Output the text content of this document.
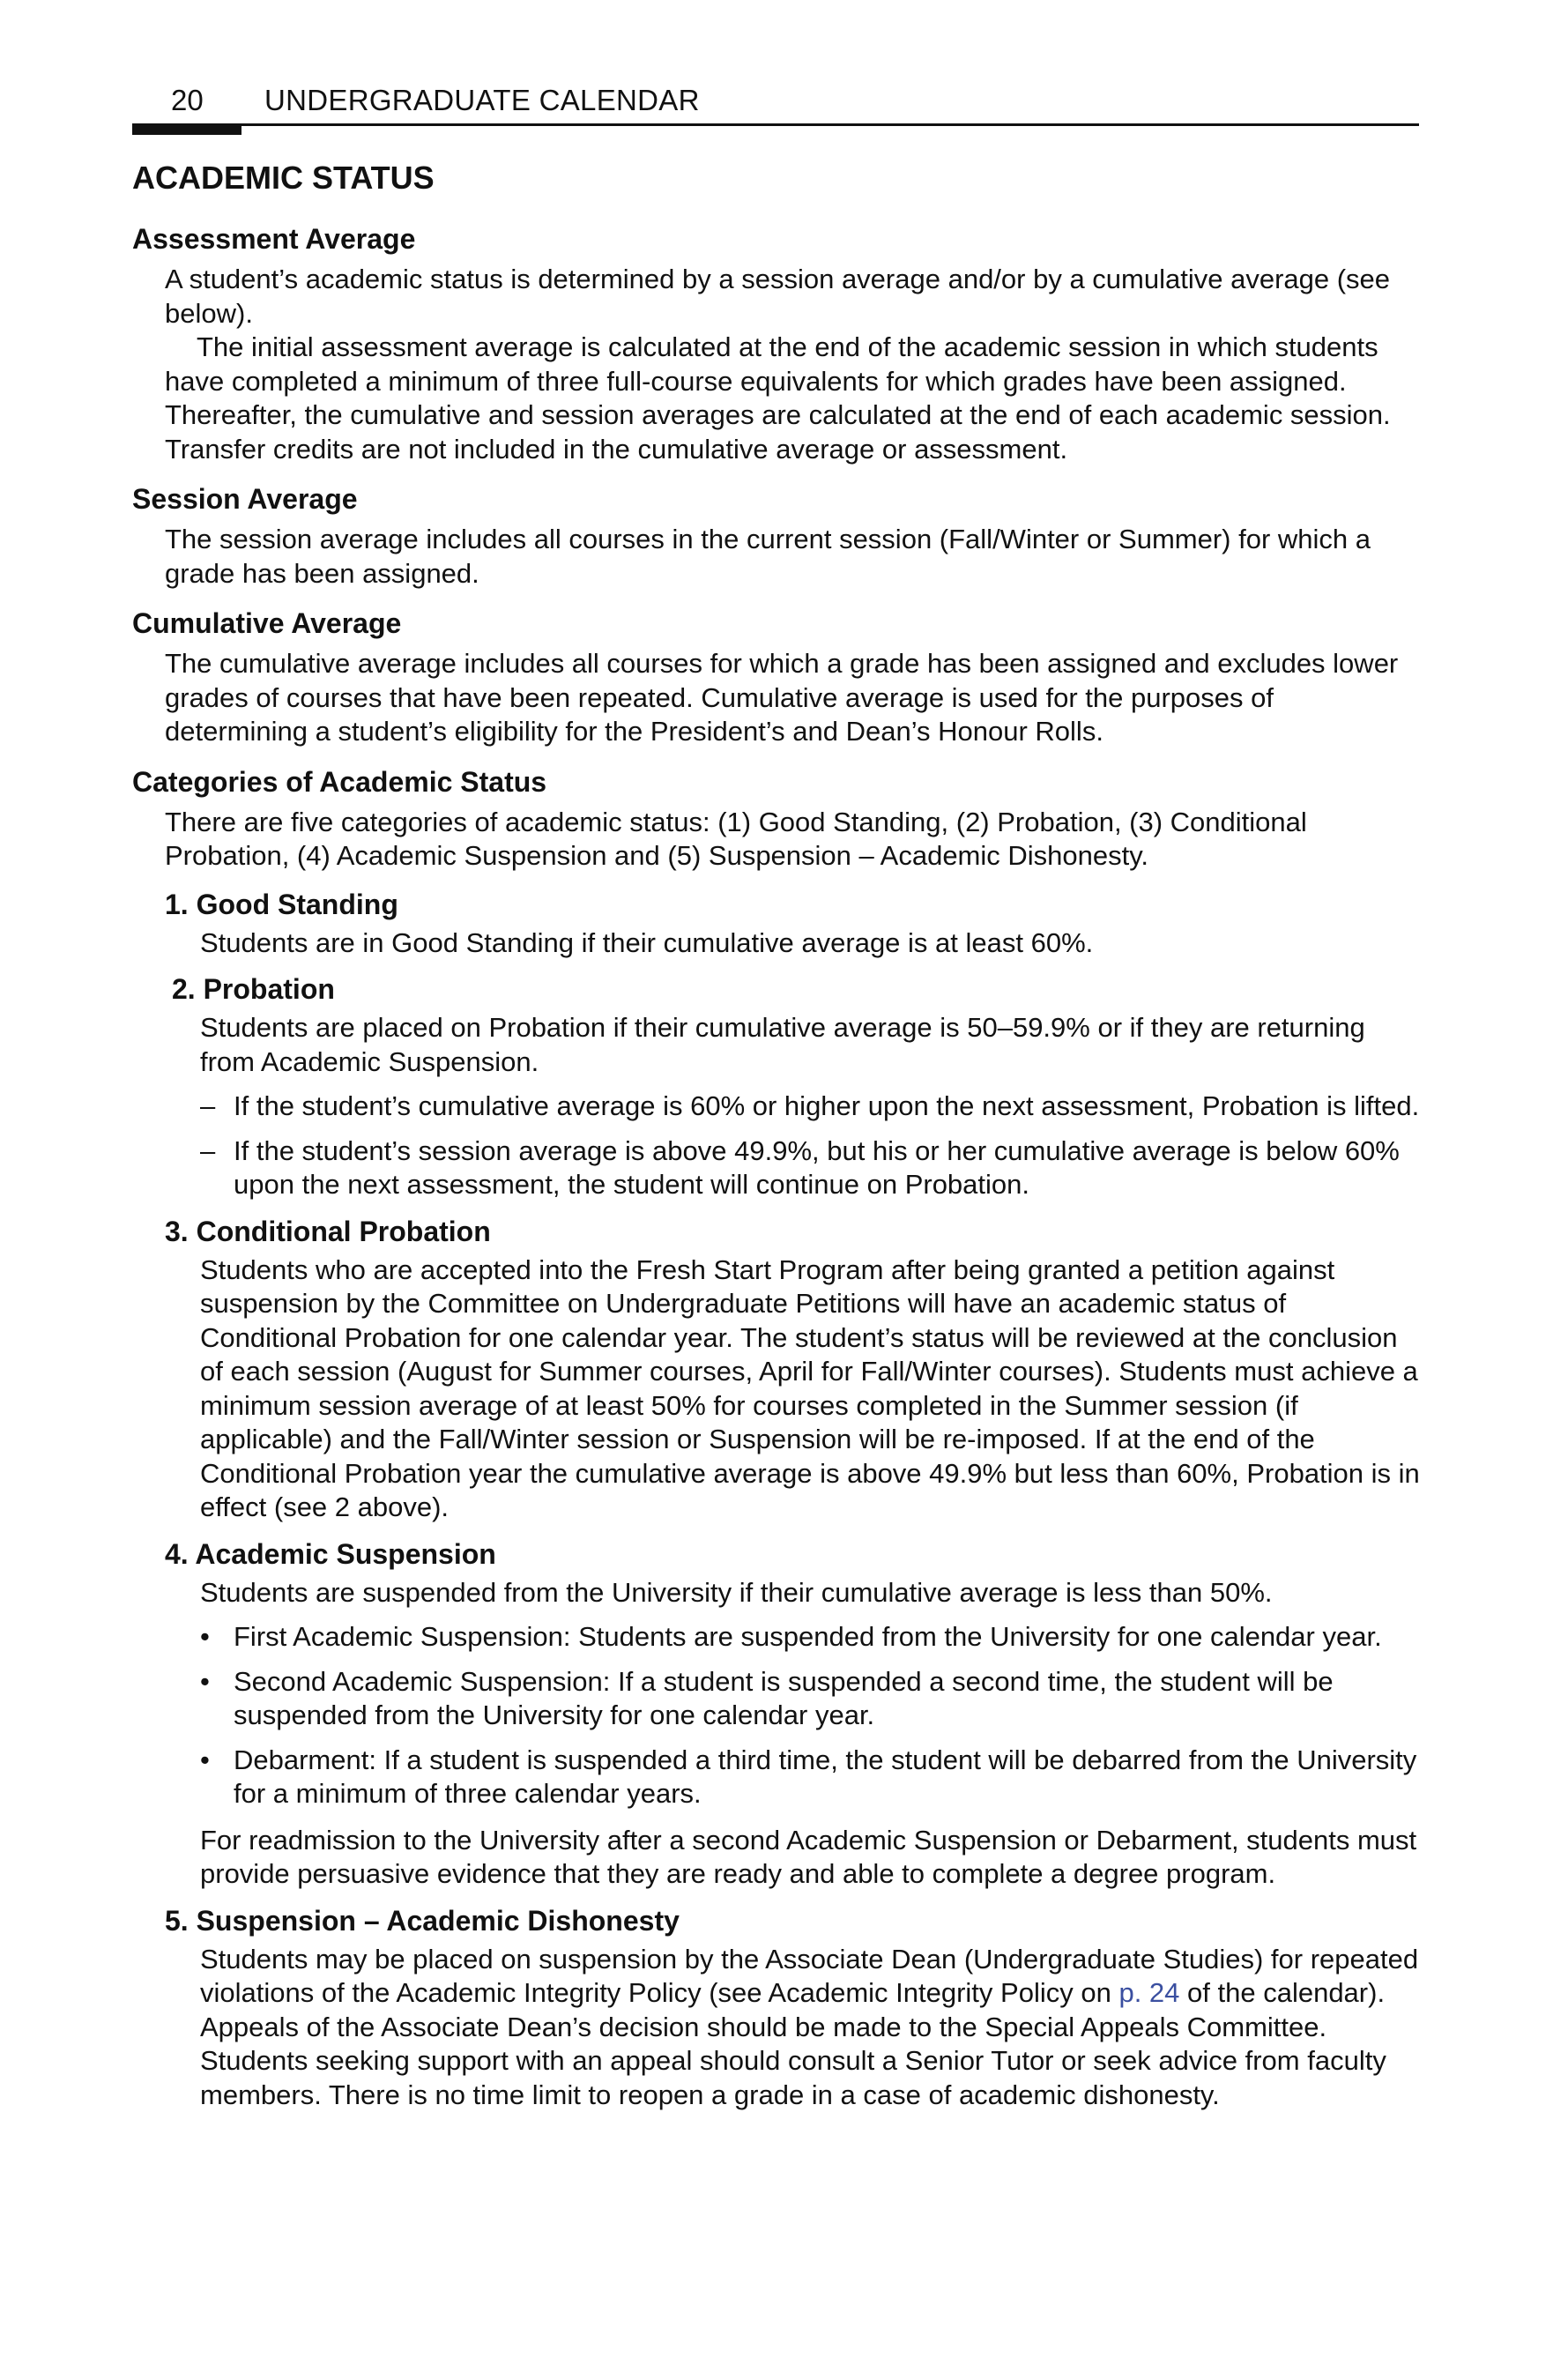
20 UNDERGRADUATE CALENDAR
ACADEMIC STATUS
Assessment Average

A student’s academic status is determined by a session average and/or by a cumulative average (see below).

The initial assessment average is calculated at the end of the academic session in which students have completed a minimum of three full-course equivalents for which grades have been assigned. Thereafter, the cumulative and session averages are calculated at the end of each academic session. Transfer credits are not included in the cumulative average or assessment.

Session Average

The session average includes all courses in the current session (Fall/Winter or Summer) for which a grade has been assigned.

Cumulative Average

The cumulative average includes all courses for which a grade has been assigned and excludes lower grades of courses that have been repeated. Cumulative average is used for the purposes of determining a student’s eligibility for the President’s and Dean’s Honour Rolls.

Categories of Academic Status

There are five categories of academic status: (1) Good Standing, (2) Probation, (3) Conditional Probation, (4) Academic Suspension and (5) Suspension – Academic Dishonesty.

1. Good Standing

Students are in Good Standing if their cumulative average is at least 60%.

2. Probation

Students are placed on Probation if their cumulative average is 50–59.9% or if they are returning from Academic Suspension.

– If the student’s cumulative average is 60% or higher upon the next assessment, Probation is lifted.
– If the student’s session average is above 49.9%, but his or her cumulative average is below 60% upon the next assessment, the student will continue on Probation.
3. Conditional Probation

Students who are accepted into the Fresh Start Program after being granted a petition against suspension by the Committee on Undergraduate Petitions will have an academic status of Conditional Probation for one calendar year. The student’s status will be reviewed at the conclusion of each session (August for Summer courses, April for Fall/Winter courses). Students must achieve a minimum session average of at least 50% for courses completed in the Summer session (if applicable) and the Fall/Winter session or Suspension will be re-imposed. If at the end of the Conditional Probation year the cumulative average is above 49.9% but less than 60%, Probation is in effect (see 2 above).

4. Academic Suspension

Students are suspended from the University if their cumulative average is less than 50%.

• First Academic Suspension: Students are suspended from the University for one calendar year.
• Second Academic Suspension: If a student is suspended a second time, the student will be suspended from the University for one calendar year.
• Debarment: If a student is suspended a third time, the student will be debarred from the University for a minimum of three calendar years.

For readmission to the University after a second Academic Suspension or Debarment, students must provide persuasive evidence that they are ready and able to complete a degree program.

5. Suspension – Academic Dishonesty

Students may be placed on suspension by the Associate Dean (Undergraduate Studies) for repeated violations of the Academic Integrity Policy (see Academic Integrity Policy on p. 24 of the calendar). Appeals of the Associate Dean’s decision should be made to the Special Appeals Committee. Students seeking support with an appeal should consult a Senior Tutor or seek advice from faculty members. There is no time limit to reopen a grade in a case of academic dishonesty.
